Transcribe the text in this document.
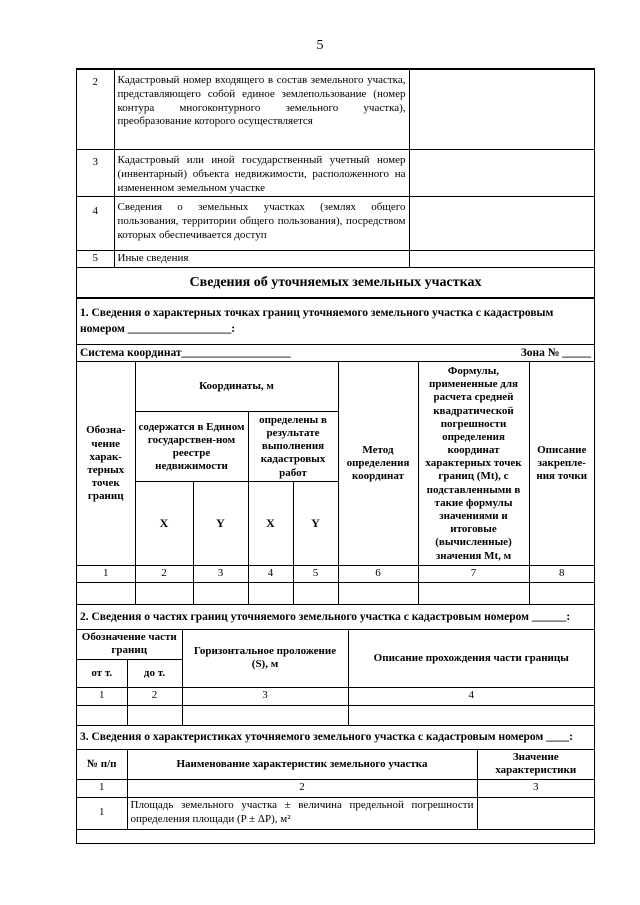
5
2	Кадастровый номер входящего в состав земельного участка, представляющего собой единое землепользование (номер контура многоконтурного земельного участка), преобразование которого осуществляется	
3	Кадастровый или иной государственный учетный номер (инвентарный) объекта недвижимости, расположенного на измененном земельном участке	
4	Сведения о земельных участках (землях общего пользования, территории общего пользования), посредством которых обеспечивается доступ	
5	Иные сведения	
Сведения об уточняемых земельных участках		
1. Сведения о характерных точках границ уточняемого земельного участка с кадастровым
номером __________________:							
Система координат___________________ Зона № _____							

Обозна-чение харак-терных точек границ	Координаты, м				Метод определения координат	Формулы, примененные для расчета средней квадратической погрешности определения координат характерных точек границ (Mt), с подставленными в такие формулы значениями и итоговые (вычисленные) значения Mt, м	Описание закрепле-ния точки
	содержатся в Едином государствен-ном реестре недвижимости		определены в результате выполнения кадастровых работ				
	X	Y	X	Y			
1	2	3	4	5	6	7	8

2. Сведения о частях границ уточняемого земельного участка с кадастровым номером ______:			
Обозначение части границ		Горизонтальное проложение (S), м	Описание прохождения части границы
от т.	до т.		
1	2	3	4

3. Сведения о характеристиках уточняемого земельного участка с кадастровым номером ____:		
№ п/п	Наименование характеристик земельного участка	Значение характеристики
1	2	3
1	Площадь земельного участка ± величина предельной погрешности определения площади (P ± ΔP), м²	
